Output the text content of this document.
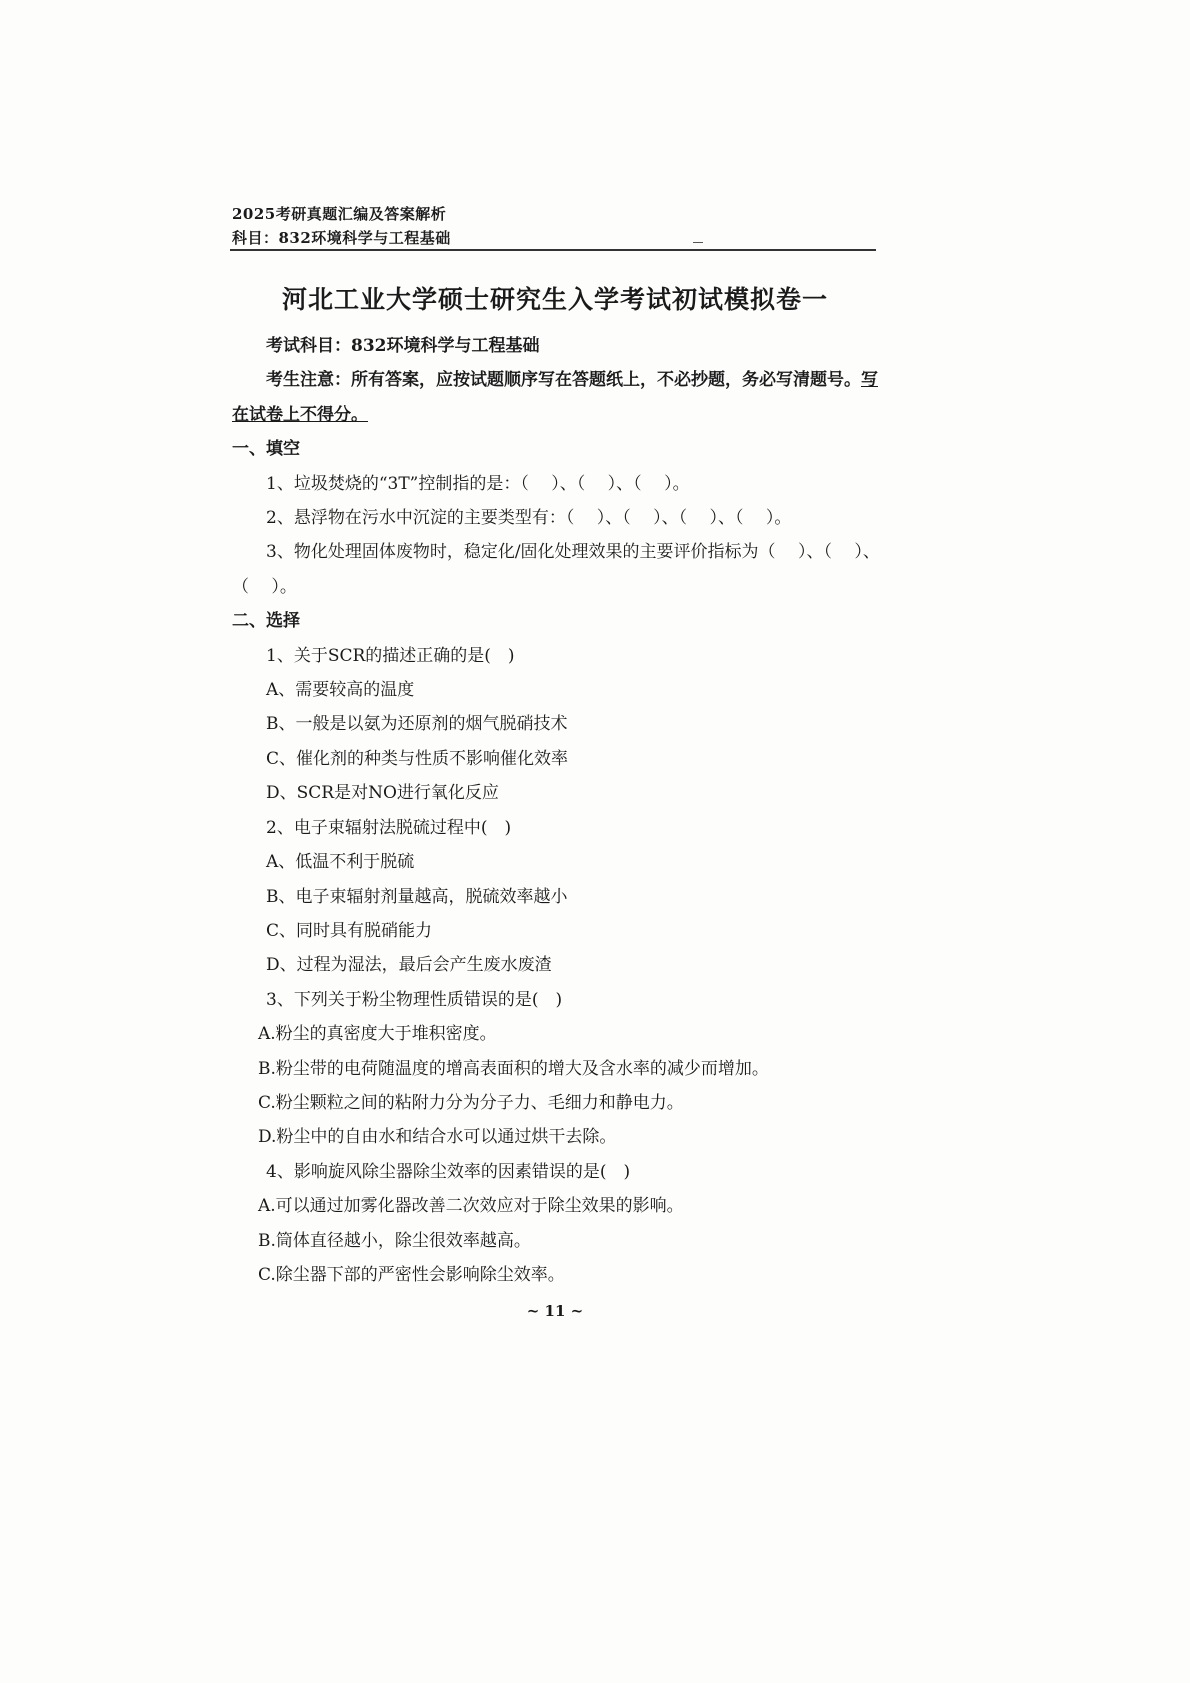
2025考研真题汇编及答案解析
科目：832环境科学与工程基础
河北工业大学硕士研究生入学考试初试模拟卷一
考试科目：832环境科学与工程基础
考生注意：所有答案，应按试题顺序写在答题纸上，不必抄题，务必写清题号。写
在试卷上不得分。
一、填空
1、垃圾焚烧的“3T”控制指的是：（　 ）、（　 ）、（　 ）。
2、悬浮物在污水中沉淀的主要类型有：（　 ）、（　 ）、（　 ）、（　 ）。
3、物化处理固体废物时，稳定化/固化处理效果的主要评价指标为（　 ）、（　 ）、
（　 ）。
二、选择
1、关于SCR的描述正确的是(　)
A、需要较高的温度
B、一般是以氨为还原剂的烟气脱硝技术
C、催化剂的种类与性质不影响催化效率
D、SCR是对NO进行氧化反应
2、电子束辐射法脱硫过程中(　)
A、低温不利于脱硫
B、电子束辐射剂量越高，脱硫效率越小
C、同时具有脱硝能力
D、过程为湿法，最后会产生废水废渣
3、下列关于粉尘物理性质错误的是(　)
A.粉尘的真密度大于堆积密度。
B.粉尘带的电荷随温度的增高表面积的增大及含水率的减少而增加。
C.粉尘颗粒之间的粘附力分为分子力、毛细力和静电力。
D.粉尘中的自由水和结合水可以通过烘干去除。
4、影响旋风除尘器除尘效率的因素错误的是(　)
A.可以通过加雾化器改善二次效应对于除尘效果的影响。
B.筒体直径越小，除尘很效率越高。
C.除尘器下部的严密性会影响除尘效率。
~ 11 ~
